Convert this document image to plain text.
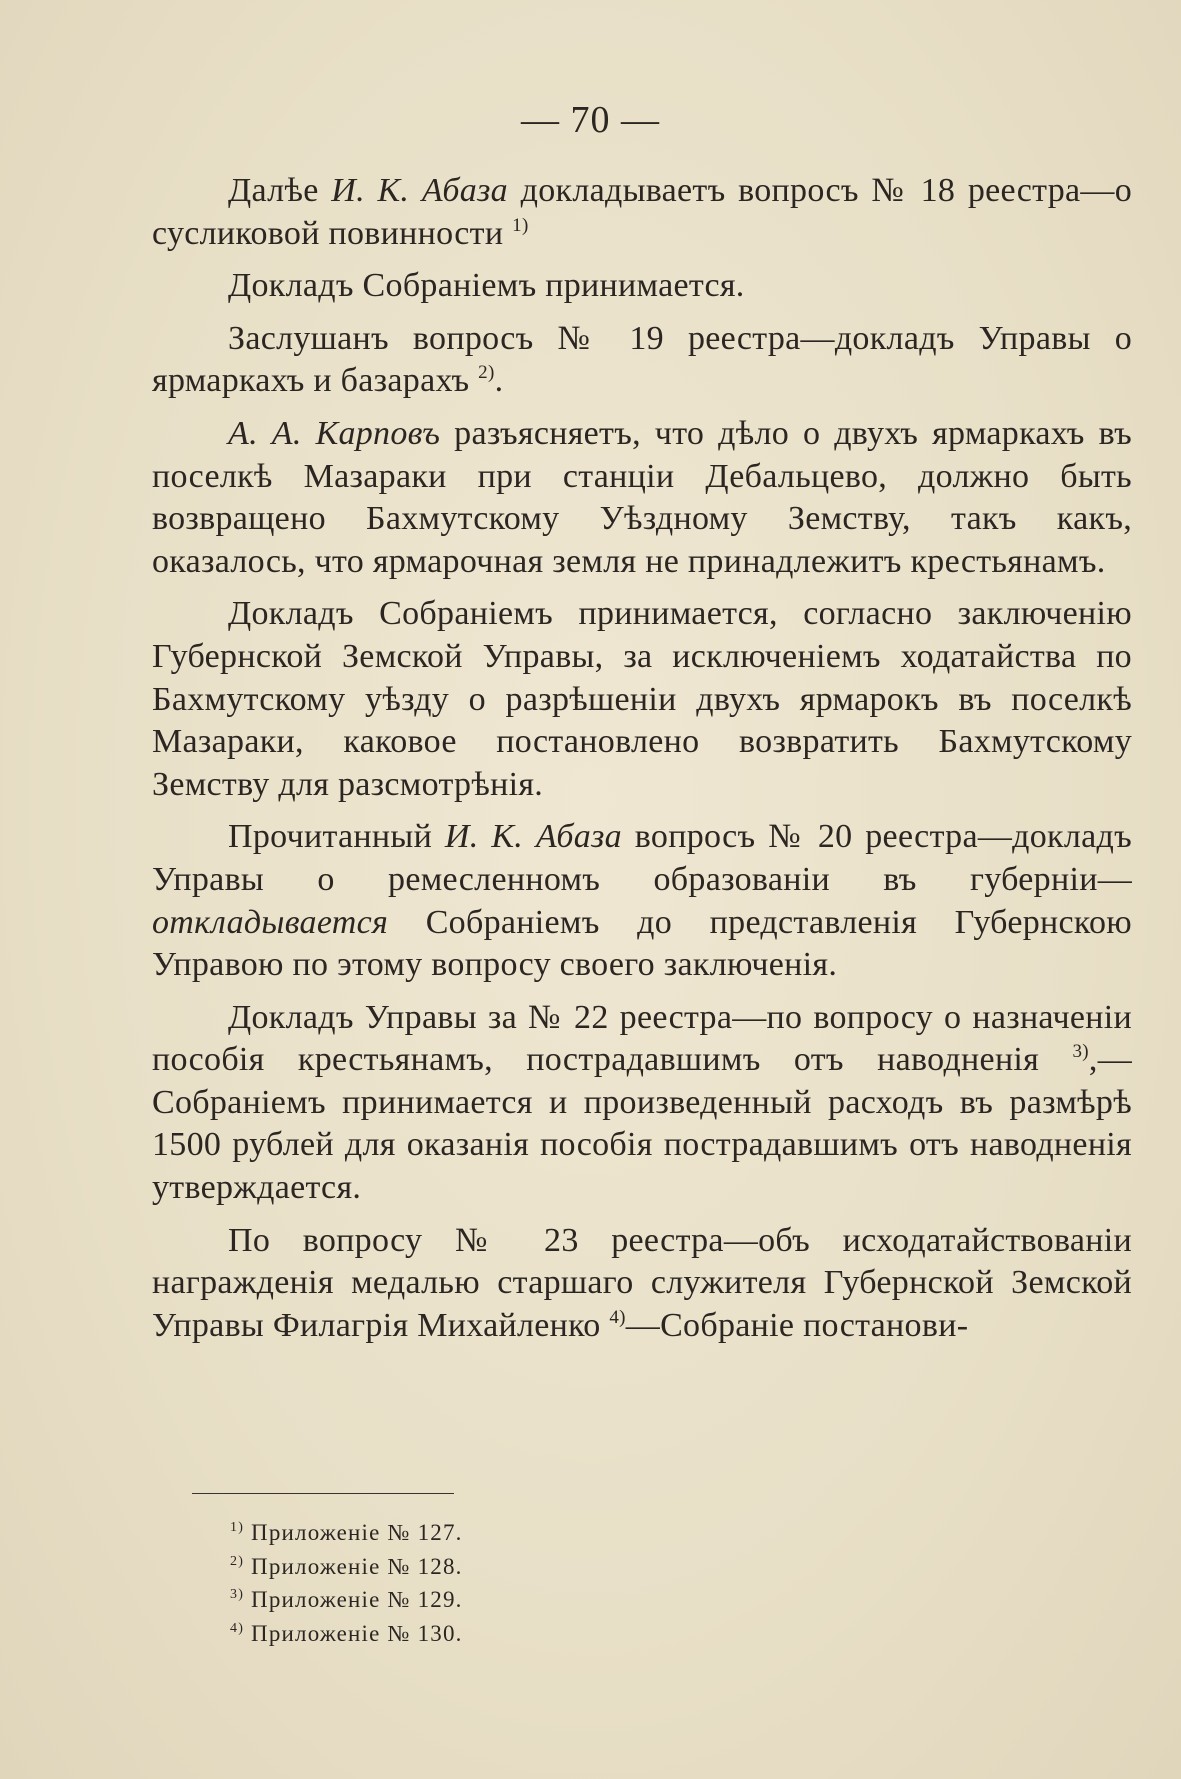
— 70 —

Далѣе И. К. Абаза докладываетъ вопросъ № 18 реестра—о сусликовой повинности $^{1)}$

Докладъ Собраніемъ принимается.

Заслушанъ вопросъ № 19 реестра—докладъ Управы о ярмаркахъ и базарахъ $^{2)}$.

А. А. Карповъ разъясняетъ, что дѣло о двухъ ярмаркахъ въ поселкѣ Мазараки при станціи Дебальцево, должно быть возвращено Бахмутскому Уѣздному Земству, такъ какъ, оказалось, что ярмарочная земля не принадлежитъ крестьянамъ.

Докладъ Собраніемъ принимается, согласно заключенію Губернской Земской Управы, за исключеніемъ ходатайства по Бахмутскому уѣзду о разрѣшеніи двухъ ярмарокъ въ поселкѣ Мазараки, каковое постановлено возвратить Бахмутскому Земству для разсмотрѣнія.

Прочитанный И. К. Абаза вопросъ № 20 реестра—докладъ Управы о ремесленномъ образованіи въ губерніи—откладывается Собраніемъ до представленія Губернскою Управою по этому вопросу своего заключенія.

Докладъ Управы за № 22 реестра—по вопросу о назначеніи пособія крестьянамъ, пострадавшимъ отъ наводненія $^{3)}$,—Собраніемъ принимается и произведенный расходъ въ размѣрѣ 1500 рублей для оказанія пособія пострадавшимъ отъ наводненія утверждается.

По вопросу № 23 реестра—объ исходатайствованіи награжденія медалью старшаго служителя Губернской Земской Управы Филагрія Михайленко $^{4)}$—Собраніе постанови-

$^{1)}$ Приложеніе № 127.
$^{2)}$ Приложеніе № 128.
$^{3)}$ Приложеніе № 129.
$^{4)}$ Приложеніе № 130.
